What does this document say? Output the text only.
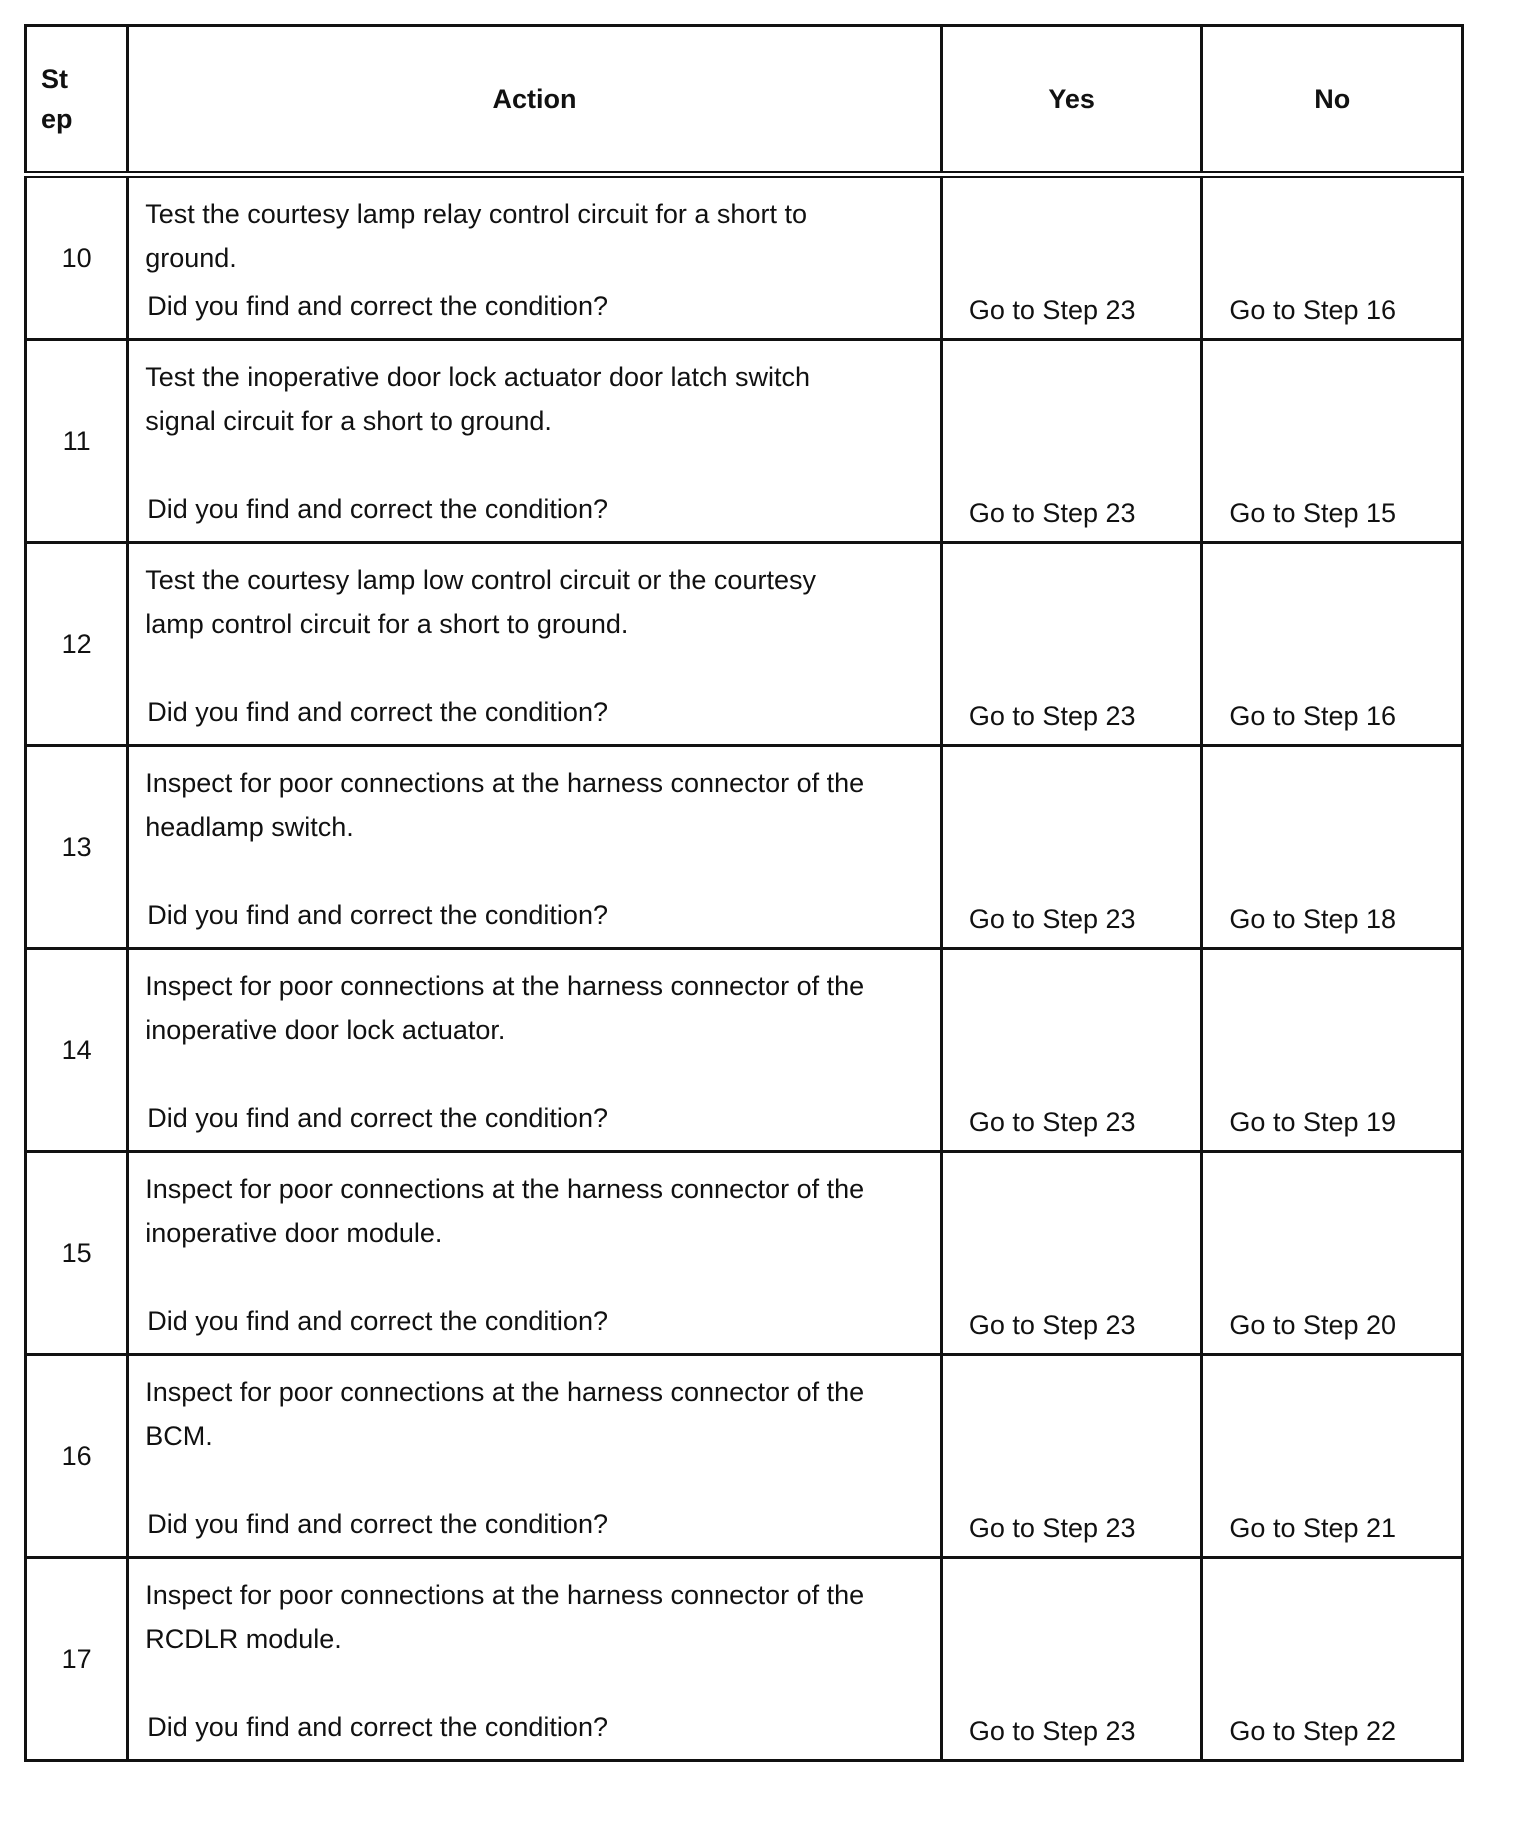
St
ep	Action	Yes	No
10	Test the courtesy lamp relay control circuit for a short to ground.
Did you find and correct the condition?	Go to Step 23	Go to Step 16

11	Test the inoperative door lock actuator door latch switch signal circuit for a short to ground.
Did you find and correct the condition?	Go to Step 23	Go to Step 15

12	Test the courtesy lamp low control circuit or the courtesy lamp control circuit for a short to ground.
Did you find and correct the condition?	Go to Step 23	Go to Step 16

13	Inspect for poor connections at the harness connector of the headlamp switch.
Did you find and correct the condition?	Go to Step 23	Go to Step 18

14	Inspect for poor connections at the harness connector of the inoperative door lock actuator.
Did you find and correct the condition?	Go to Step 23	Go to Step 19

15	Inspect for poor connections at the harness connector of the inoperative door module.
Did you find and correct the condition?	Go to Step 23	Go to Step 20

16	Inspect for poor connections at the harness connector of the BCM.
Did you find and correct the condition?	Go to Step 23	Go to Step 21

17	Inspect for poor connections at the harness connector of the RCDLR module.
Did you find and correct the condition?	Go to Step 23	Go to Step 22
